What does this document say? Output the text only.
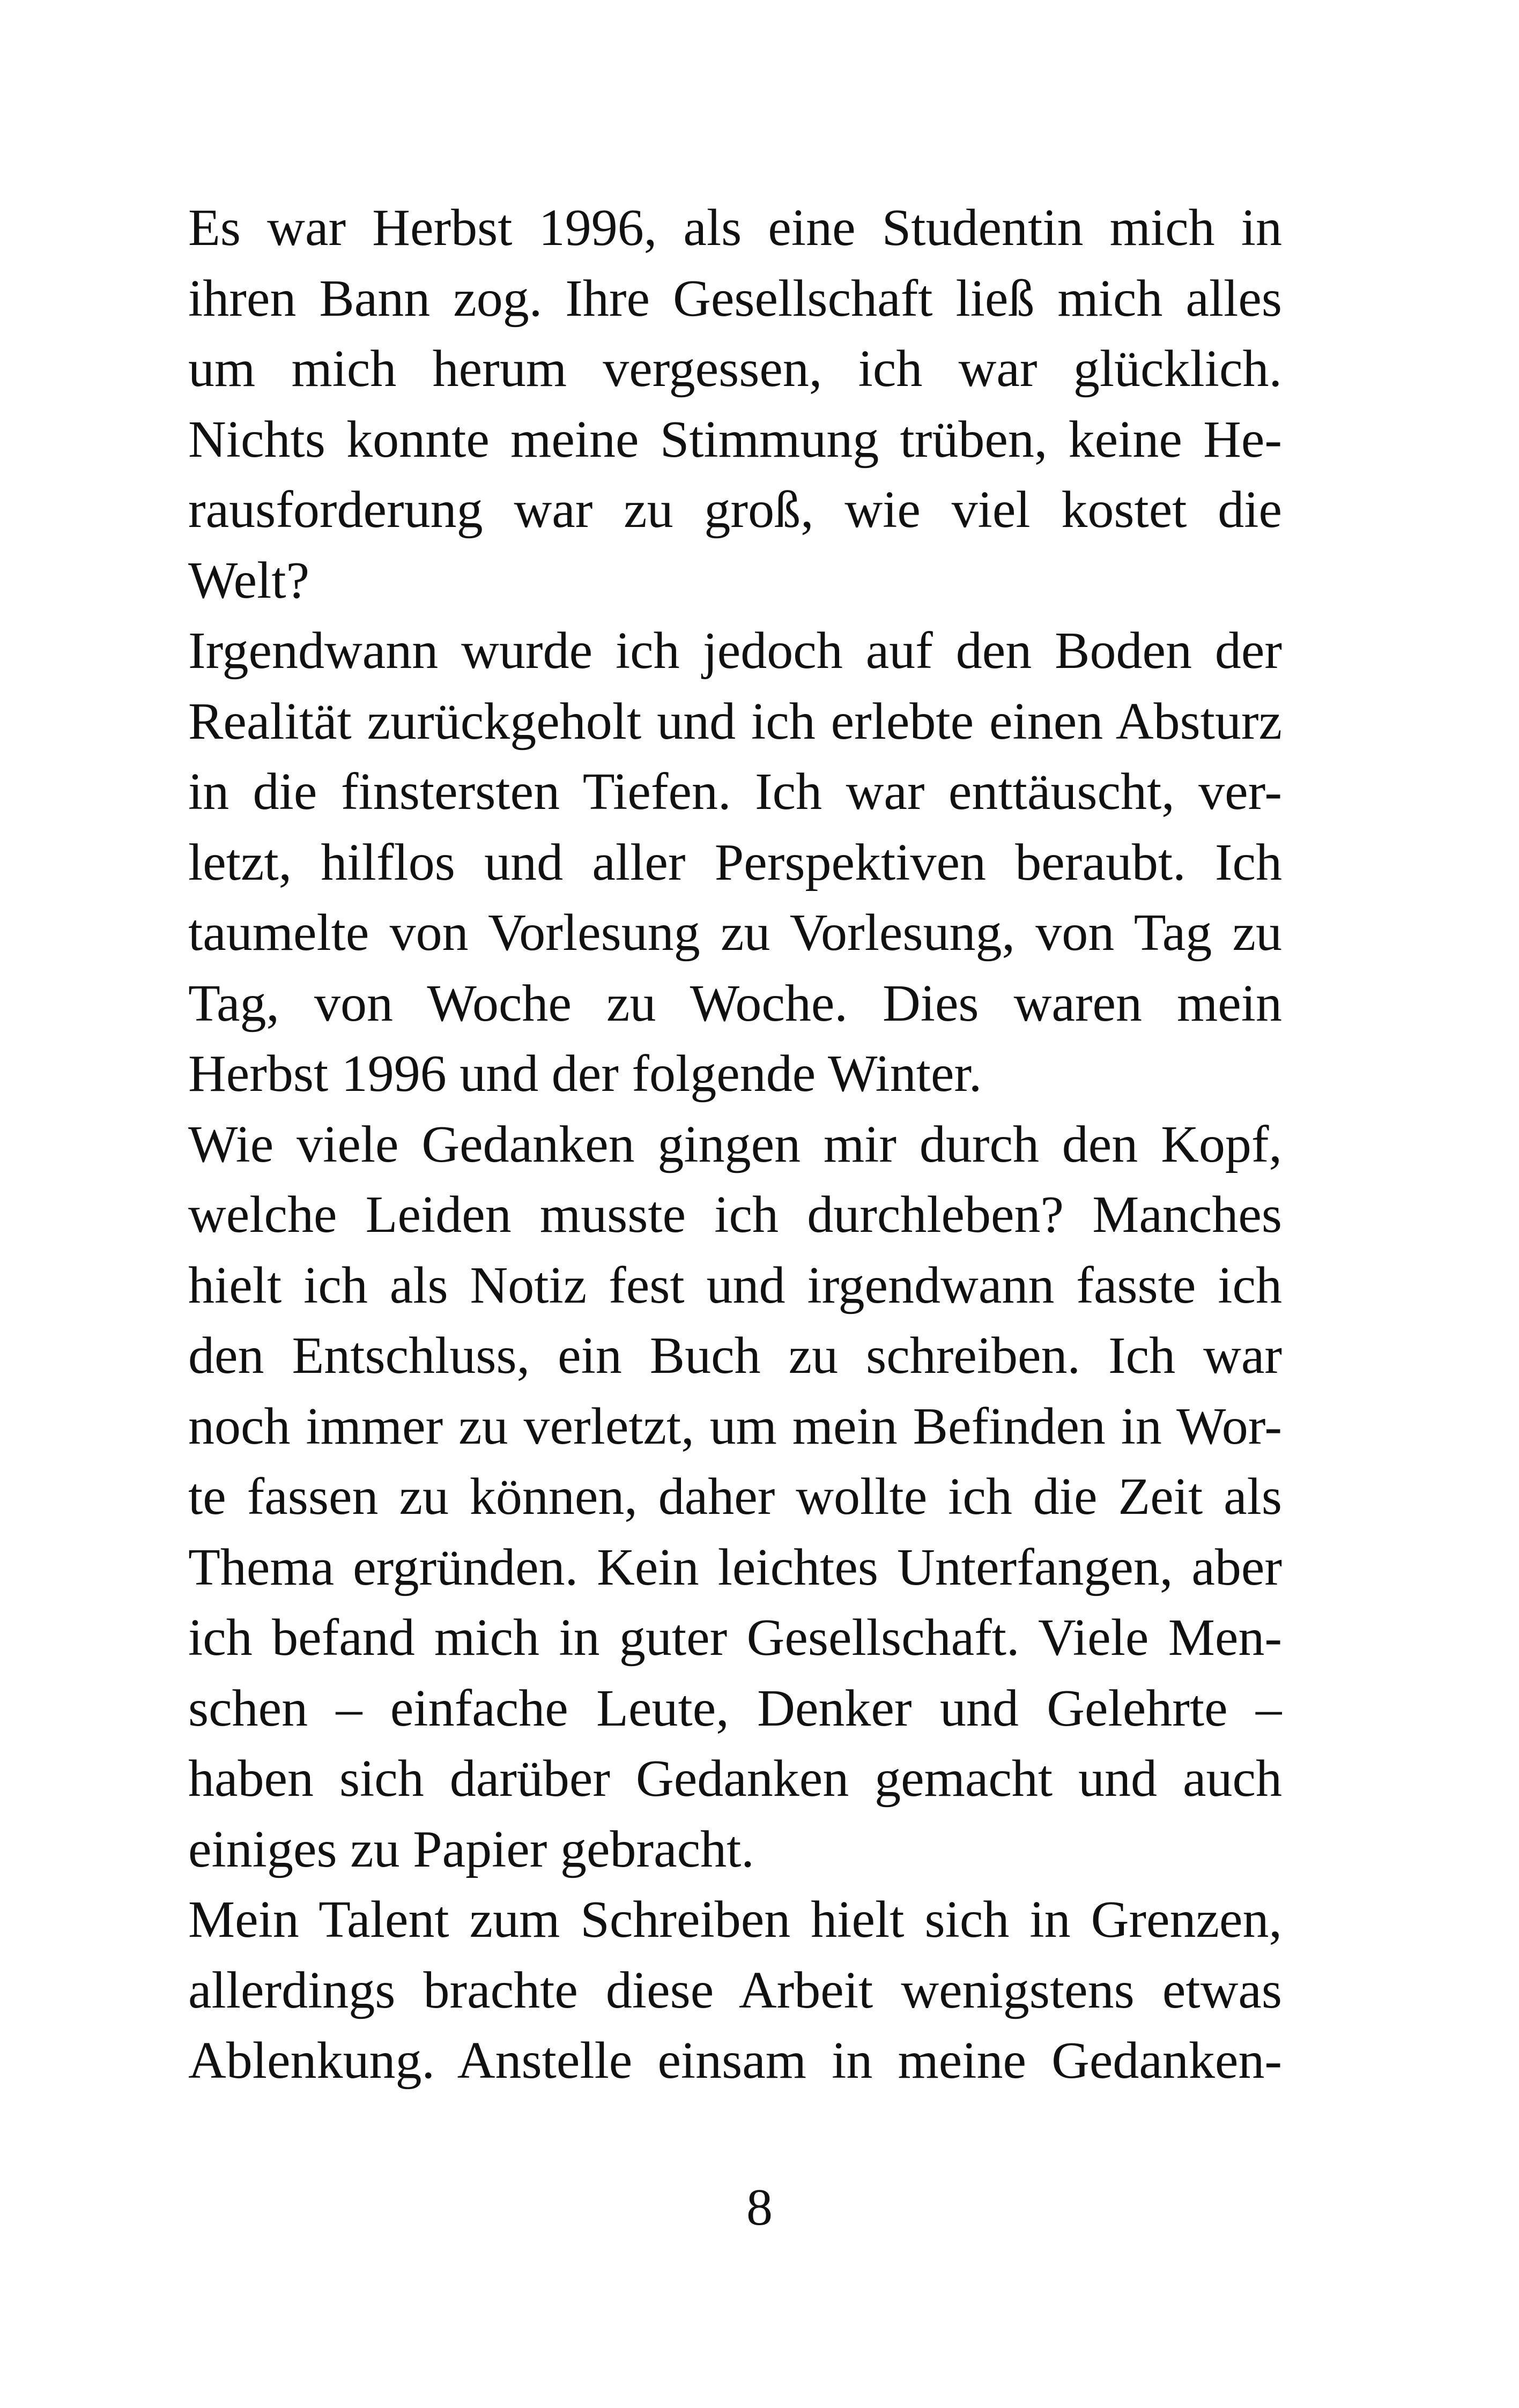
Es war Herbst 1996, als eine Studentin mich in
ihren Bann zog. Ihre Gesellschaft ließ mich alles
um mich herum vergessen, ich war glücklich.
Nichts konnte meine Stimmung trüben, keine He-
rausforderung war zu groß, wie viel kostet die
Welt?
Irgendwann wurde ich jedoch auf den Boden der
Realität zurückgeholt und ich erlebte einen Absturz
in die finstersten Tiefen. Ich war enttäuscht, ver-
letzt, hilflos und aller Perspektiven beraubt. Ich
taumelte von Vorlesung zu Vorlesung, von Tag zu
Tag, von Woche zu Woche. Dies waren mein
Herbst 1996 und der folgende Winter.
Wie viele Gedanken gingen mir durch den Kopf,
welche Leiden musste ich durchleben? Manches
hielt ich als Notiz fest und irgendwann fasste ich
den Entschluss, ein Buch zu schreiben. Ich war
noch immer zu verletzt, um mein Befinden in Wor-
te fassen zu können, daher wollte ich die Zeit als
Thema ergründen. Kein leichtes Unterfangen, aber
ich befand mich in guter Gesellschaft. Viele Men-
schen – einfache Leute, Denker und Gelehrte –
haben sich darüber Gedanken gemacht und auch
einiges zu Papier gebracht.
Mein Talent zum Schreiben hielt sich in Grenzen,
allerdings brachte diese Arbeit wenigstens etwas
Ablenkung. Anstelle einsam in meine Gedanken-
8
